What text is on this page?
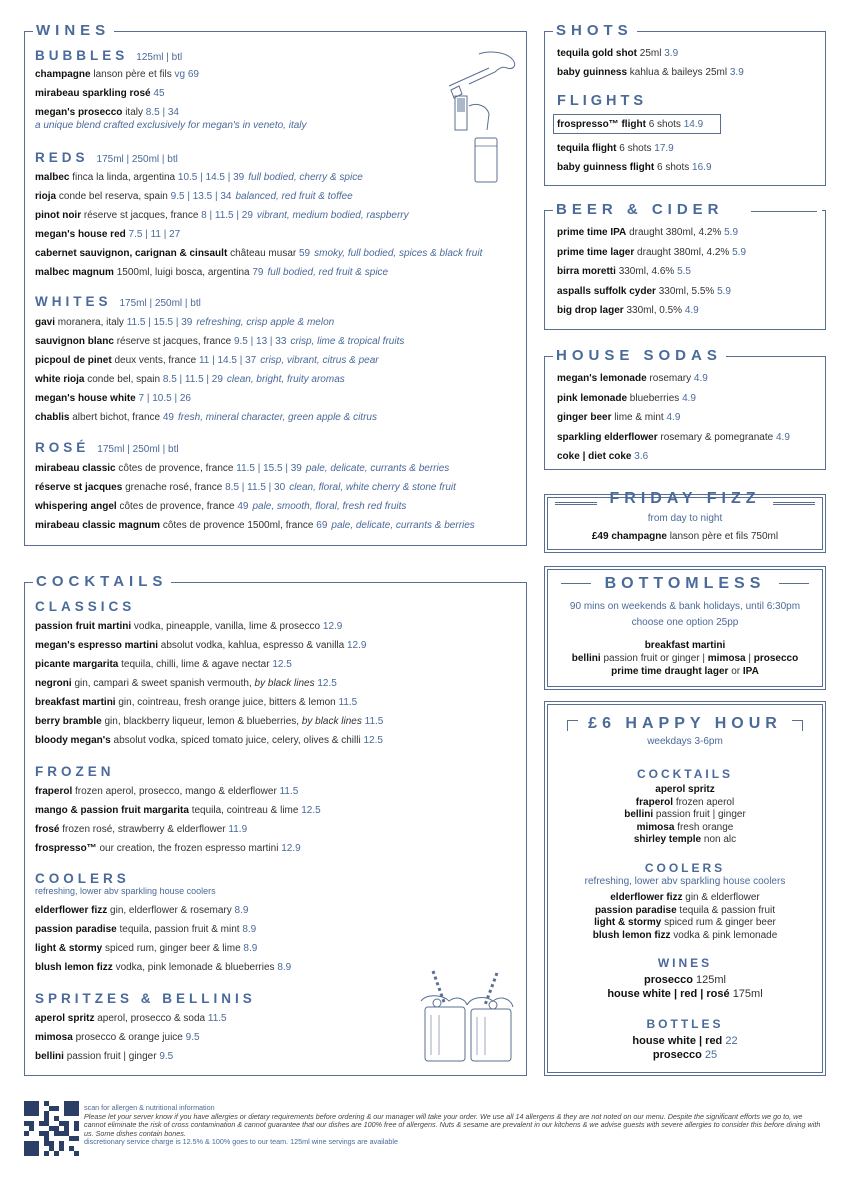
WINES
BUBBLES 125ml | btl
champagne lanson père et fils vg 69
mirabeau sparkling rosé 45
megan's prosecco italy 8.5 | 34
a unique blend crafted exclusively for megan's in veneto, italy
REDS 175ml | 250ml | btl
malbec finca la linda, argentina 10.5 | 14.5 | 39 full bodied, cherry & spice
rioja conde bel reserva, spain 9.5 | 13.5 | 34 balanced, red fruit & toffee
pinot noir réserve st jacques, france 8 | 11.5 | 29 vibrant, medium bodied, raspberry
megan's house red 7.5 | 11 | 27
cabernet sauvignon, carignan & cinsault château musar 59 smoky, full bodied, spices & black fruit
malbec magnum 1500ml, luigi bosca, argentina 79 full bodied, red fruit & spice
WHITES 175ml | 250ml | btl
gavi moranera, italy 11.5 | 15.5 | 39 refreshing, crisp apple & melon
sauvignon blanc réserve st jacques, france 9.5 | 13 | 33 crisp, lime & tropical fruits
picpoul de pinet deux vents, france 11 | 14.5 | 37 crisp, vibrant, citrus & pear
white rioja conde bel, spain 8.5 | 11.5 | 29 clean, bright, fruity aromas
megan's house white 7 | 10.5 | 26
chablis albert bichot, france 49 fresh, mineral character, green apple & citrus
ROSÉ 175ml | 250ml | btl
mirabeau classic côtes de provence, france 11.5 | 15.5 | 39 pale, delicate, currants & berries
réserve st jacques grenache rosé, france 8.5 | 11.5 | 30 clean, floral, white cherry & stone fruit
whispering angel côtes de provence, france 49 pale, smooth, floral, fresh red fruits
mirabeau classic magnum côtes de provence 1500ml, france 69 pale, delicate, currants & berries
COCKTAILS
CLASSICS
passion fruit martini vodka, pineapple, vanilla, lime & prosecco 12.9
megan's espresso martini absolut vodka, kahlua, espresso & vanilla 12.9
picante margarita tequila, chilli, lime & agave nectar 12.5
negroni gin, campari & sweet spanish vermouth, by black lines 12.5
breakfast martini gin, cointreau, fresh orange juice, bitters & lemon 11.5
berry bramble gin, blackberry liqueur, lemon & blueberries, by black lines 11.5
bloody megan's absolut vodka, spiced tomato juice, celery, olives & chilli 12.5
FROZEN
fraperol frozen aperol, prosecco, mango & elderflower 11.5
mango & passion fruit margarita tequila, cointreau & lime 12.5
frosé frozen rosé, strawberry & elderflower 11.9
frospresso™ our creation, the frozen espresso martini 12.9
COOLERS
refreshing, lower abv sparkling house coolers
elderflower fizz gin, elderflower & rosemary 8.9
passion paradise tequila, passion fruit & mint 8.9
light & stormy spiced rum, ginger beer & lime 8.9
blush lemon fizz vodka, pink lemonade & blueberries 8.9
SPRITZES & BELLINIS
aperol spritz aperol, prosecco & soda 11.5
mimosa prosecco & orange juice 9.5
bellini passion fruit | ginger 9.5
SHOTS
tequila gold shot 25ml 3.9
baby guinness kahlua & baileys 25ml 3.9
FLIGHTS
frospresso™ flight 6 shots 14.9
tequila flight 6 shots 17.9
baby guinness flight 6 shots 16.9
BEER & CIDER
prime time IPA draught 380ml, 4.2% 5.9
prime time lager draught 380ml, 4.2% 5.9
birra moretti 330ml, 4.6% 5.5
aspalls suffolk cyder 330ml, 5.5% 5.9
big drop lager 330ml, 0.5% 4.9
HOUSE SODAS
megan's lemonade rosemary 4.9
pink lemonade blueberries 4.9
ginger beer lime & mint 4.9
sparkling elderflower rosemary & pomegranate 4.9
coke | diet coke 3.6
FRIDAY FIZZ
from day to night
£49 champagne lanson père et fils 750ml
BOTTOMLESS
90 mins on weekends & bank holidays, until 6:30pm
choose one option 25pp
breakfast martini
bellini passion fruit or ginger | mimosa | prosecco
prime time draught lager or IPA
£6 HAPPY HOUR
weekdays 3-6pm
COCKTAILS
aperol spritz
fraperol frozen aperol
bellini passion fruit | ginger
mimosa fresh orange
shirley temple non alc
COOLERS
refreshing, lower abv sparkling house coolers
elderflower fizz gin & elderflower
passion paradise tequila & passion fruit
light & stormy spiced rum & ginger beer
blush lemon fizz vodka & pink lemonade
WINES
prosecco 125ml
house white | red | rosé 175ml
BOTTLES
house white | red 22
prosecco 25
scan for allergen & nutritional information
Please let your server know if you have allergies or dietary requirements before ordering & our manager will take your order. We use all 14 allergens & they are not noted on our menu. Despite the significant efforts we go to, we cannot eliminate the risk of cross contamination & cannot guarantee that our dishes are 100% free of allergens. Nuts & sesame are prevalent in our kitchens & we advise guests with severe allergies to consider this before dining with us. Some dishes contain bones.
discretionary service charge is 12.5% & 100% goes to our team. 125ml wine servings are available
